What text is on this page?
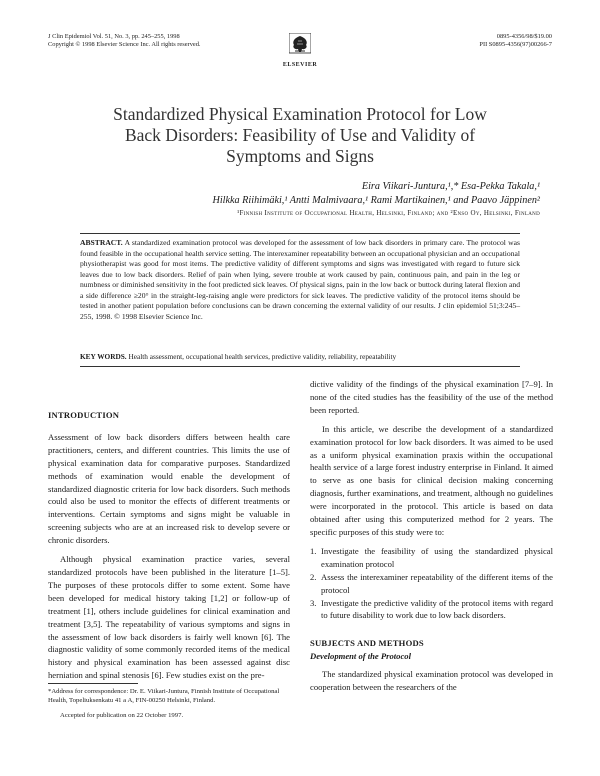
J Clin Epidemiol Vol. 51, No. 3, pp. 245–255, 1998
Copyright © 1998 Elsevier Science Inc. All rights reserved.
0895-4356/98/$19.00
PII S0895-4356(97)00266-7
ELSEVIER
Standardized Physical Examination Protocol for Low
Back Disorders: Feasibility of Use and Validity of
Symptoms and Signs
Eira Viikari-Juntura,¹,* Esa-Pekka Takala,¹
Hilkka Riihimäki,¹ Antti Malmivaara,¹ Rami Martikainen,¹ and Paavo Jäppinen²
¹Finnish Institute of Occupational Health, Helsinki, Finland; and ²Enso Oy, Helsinki, Finland
ABSTRACT. A standardized examination protocol was developed for the assessment of low back disorders in primary care. The protocol was found feasible in the occupational health service setting. The interexaminer repeatability between an occupational physician and an occupational physiotherapist was good for most items. The predictive validity of different symptoms and signs was investigated with regard to future sick leaves due to low back disorders. Relief of pain when lying, severe trouble at work caused by pain, continuous pain, and pain in the leg or numbness or diminished sensitivity in the foot predicted sick leaves. Of physical signs, pain in the low back or buttock during lateral flexion and a side difference ≥20° in the straight-leg-raising angle were predictors for sick leaves. The predictive validity of the protocol items should be tested in another patient population before conclusions can be drawn concerning the external validity of our results. J clin epidemiol 51;3:245–255, 1998. © 1998 Elsevier Science Inc.
KEY WORDS. Health assessment, occupational health services, predictive validity, reliability, repeatability
INTRODUCTION

Assessment of low back disorders differs between health care practitioners, centers, and different countries. This limits the use of physical examination data for comparative purposes. Standardized methods of examination would enable the development of standardized diagnostic criteria for low back disorders. Such methods could also be used to monitor the effects of different treatments or interventions. Certain symptoms and signs might be valuable in screening subjects who are at an increased risk to develop severe or chronic disorders.

Although physical examination practice varies, several standardized protocols have been published in the literature [1–5]. The purposes of these protocols differ to some extent. Some have been developed for medical history taking [1,2] or follow-up of treatment [1], others include guidelines for clinical examination and treatment [3,5]. The repeatability of various symptoms and signs in the assessment of low back disorders is fairly well known [6]. The diagnostic validity of some commonly recorded items of the medical history and physical examination has been assessed against disc herniation and spinal stenosis [6]. Few studies exist on the pre-

dictive validity of the findings of the physical examination [7–9]. In none of the cited studies has the feasibility of the use of the method been reported.

In this article, we describe the development of a standardized examination protocol for low back disorders. It was aimed to be used as a uniform physical examination praxis within the occupational health service of a large forest industry enterprise in Finland. It aimed to serve as one basis for clinical decision making concerning diagnosis, further examinations, and treatment, although no guidelines were incorporated in the protocol. This article is based on data obtained after using this computerized method for 2 years. The specific purposes of this study were to:

1. Investigate the feasibility of using the standardized physical examination protocol
2. Assess the interexaminer repeatability of the different items of the protocol
3. Investigate the predictive validity of the protocol items with regard to future disability to work due to low back disorders.
SUBJECTS AND METHODS
Development of the Protocol

The standardized physical examination protocol was developed in cooperation between the researchers of the

*Address for correspondence: Dr. E. Viikari-Juntura, Finnish Institute of Occupational Health, Topeliuksenkatu 41 a A, FIN-00250 Helsinki, Finland.

Accepted for publication on 22 October 1997.
